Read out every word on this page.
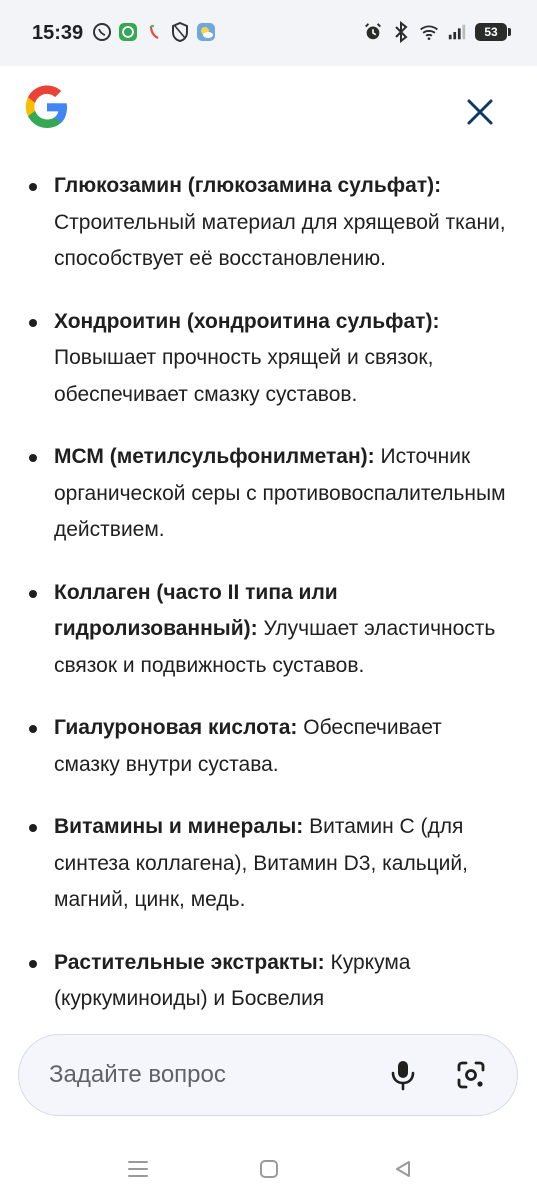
15:39	53
Глюкозамин (глюкозамина сульфат): Строительный материал для хрящевой ткани, способствует её восстановлению.
Хондроитин (хондроитина сульфат): Повышает прочность хрящей и связок, обеспечивает смазку суставов.
МСМ (метилсульфонилметан): Источник органической серы с противовоспалительным действием.
Коллаген (часто II типа или гидролизованный): Улучшает эластичность связок и подвижность суставов.
Гиалуроновая кислота: Обеспечивает смазку внутри сустава.
Витамины и минералы: Витамин C (для синтеза коллагена), Витамин D3, кальций, магний, цинк, медь.
Растительные экстракты: Куркума (куркуминоиды) и Босвелия
Задайте вопрос
